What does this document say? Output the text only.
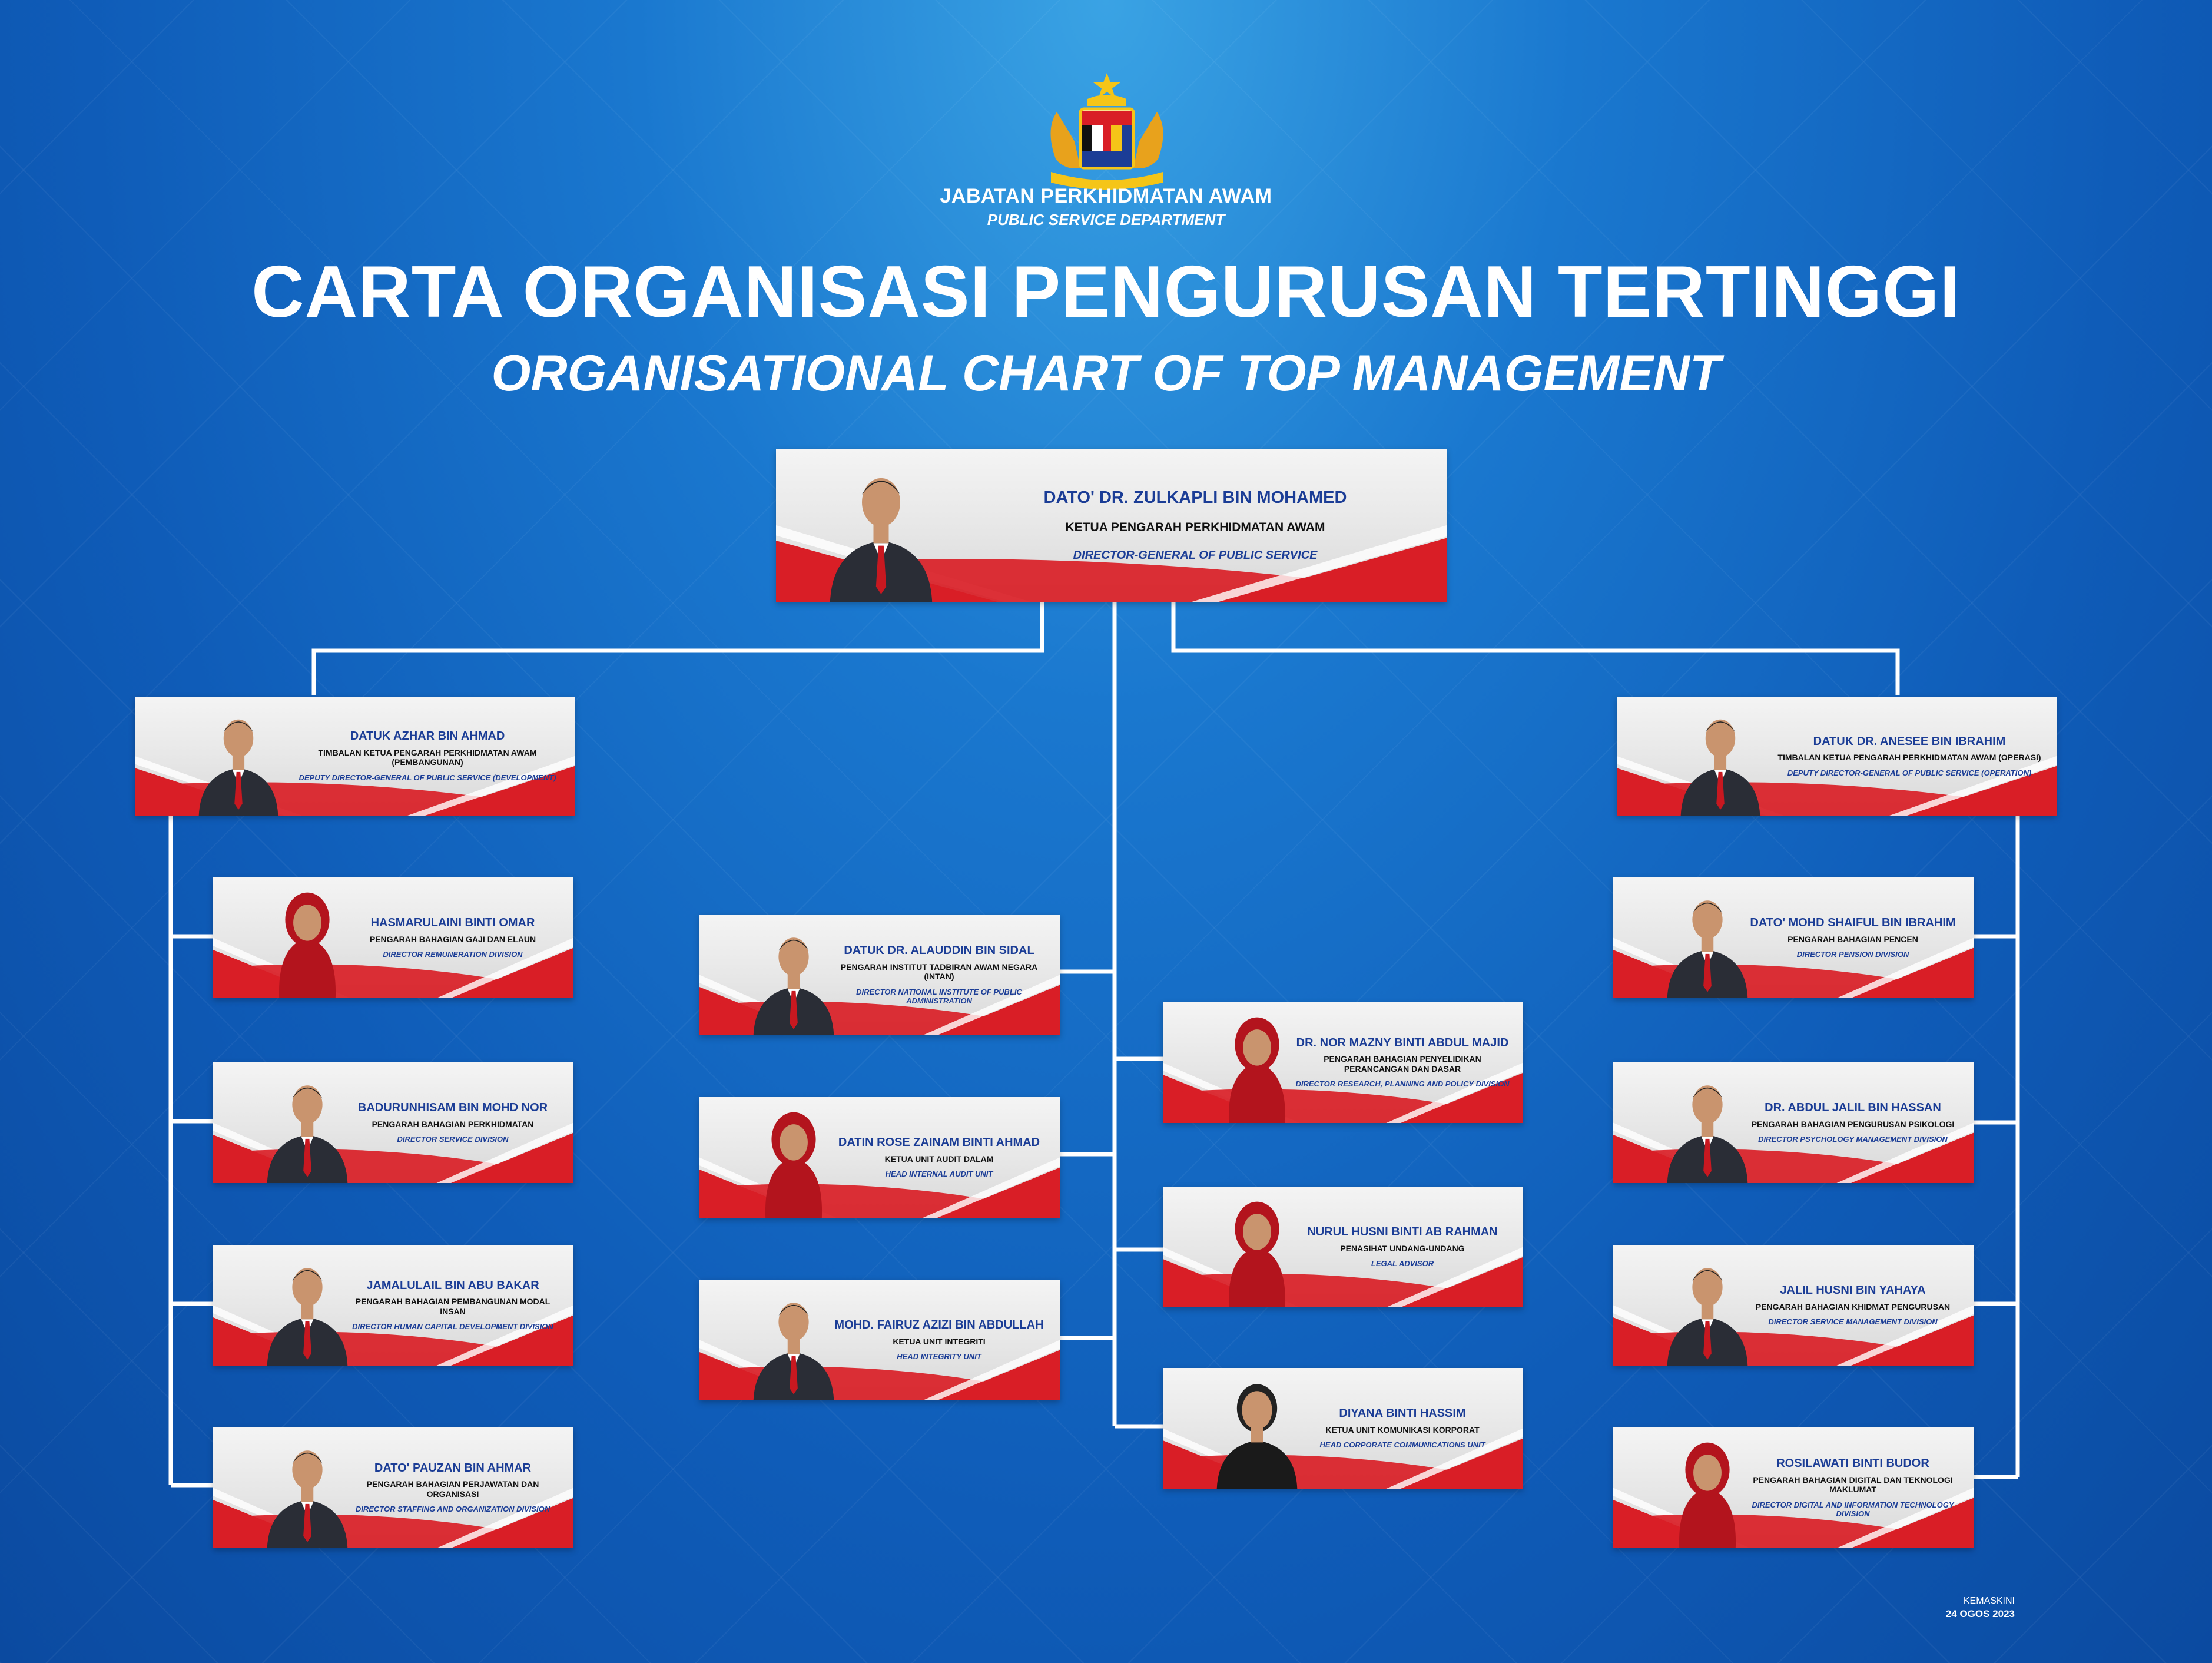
JABATAN PERKHIDMATAN AWAM
PUBLIC SERVICE DEPARTMENT
CARTA ORGANISASI PENGURUSAN TERTINGGI
ORGANISATIONAL CHART OF TOP MANAGEMENT
DATO' DR. ZULKAPLI BIN MOHAMED
KETUA PENGARAH PERKHIDMATAN AWAM
DIRECTOR-GENERAL OF PUBLIC SERVICE
DATUK AZHAR BIN AHMAD
TIMBALAN KETUA PENGARAH PERKHIDMATAN AWAM (PEMBANGUNAN)
DEPUTY DIRECTOR-GENERAL OF PUBLIC SERVICE (DEVELOPMENT)
DATUK DR. ANESEE BIN IBRAHIM
TIMBALAN KETUA PENGARAH PERKHIDMATAN AWAM (OPERASI)
DEPUTY DIRECTOR-GENERAL OF PUBLIC SERVICE (OPERATION)
HASMARULAINI BINTI OMAR
PENGARAH BAHAGIAN GAJI DAN ELAUN
DIRECTOR REMUNERATION DIVISION
BADURUNHISAM BIN MOHD NOR
PENGARAH BAHAGIAN PERKHIDMATAN
DIRECTOR SERVICE DIVISION
JAMALULAIL BIN ABU BAKAR
PENGARAH BAHAGIAN PEMBANGUNAN MODAL INSAN
DIRECTOR HUMAN CAPITAL DEVELOPMENT DIVISION
DATO' PAUZAN BIN AHMAR
PENGARAH BAHAGIAN PERJAWATAN DAN ORGANISASI
DIRECTOR STAFFING AND ORGANIZATION DIVISION
DATUK DR. ALAUDDIN BIN SIDAL
PENGARAH INSTITUT TADBIRAN AWAM NEGARA (INTAN)
DIRECTOR NATIONAL INSTITUTE OF PUBLIC ADMINISTRATION
DATIN ROSE ZAINAM BINTI AHMAD
KETUA UNIT AUDIT DALAM
HEAD INTERNAL AUDIT UNIT
MOHD. FAIRUZ AZIZI BIN ABDULLAH
KETUA UNIT INTEGRITI
HEAD INTEGRITY UNIT
DR. NOR MAZNY BINTI ABDUL MAJID
PENGARAH BAHAGIAN PENYELIDIKAN PERANCANGAN DAN DASAR
DIRECTOR RESEARCH, PLANNING AND POLICY DIVISION
NURUL HUSNI BINTI AB RAHMAN
PENASIHAT UNDANG-UNDANG
LEGAL ADVISOR
DIYANA BINTI HASSIM
KETUA UNIT KOMUNIKASI KORPORAT
HEAD CORPORATE COMMUNICATIONS UNIT
DATO' MOHD SHAIFUL BIN IBRAHIM
PENGARAH BAHAGIAN PENCEN
DIRECTOR PENSION DIVISION
DR. ABDUL JALIL BIN HASSAN
PENGARAH BAHAGIAN PENGURUSAN PSIKOLOGI
DIRECTOR PSYCHOLOGY MANAGEMENT DIVISION
JALIL HUSNI BIN YAHAYA
PENGARAH BAHAGIAN KHIDMAT PENGURUSAN
DIRECTOR SERVICE MANAGEMENT DIVISION
ROSILAWATI BINTI BUDOR
PENGARAH BAHAGIAN DIGITAL DAN TEKNOLOGI MAKLUMAT
DIRECTOR DIGITAL AND INFORMATION TECHNOLOGY DIVISION
KEMASKINI
24 OGOS 2023
